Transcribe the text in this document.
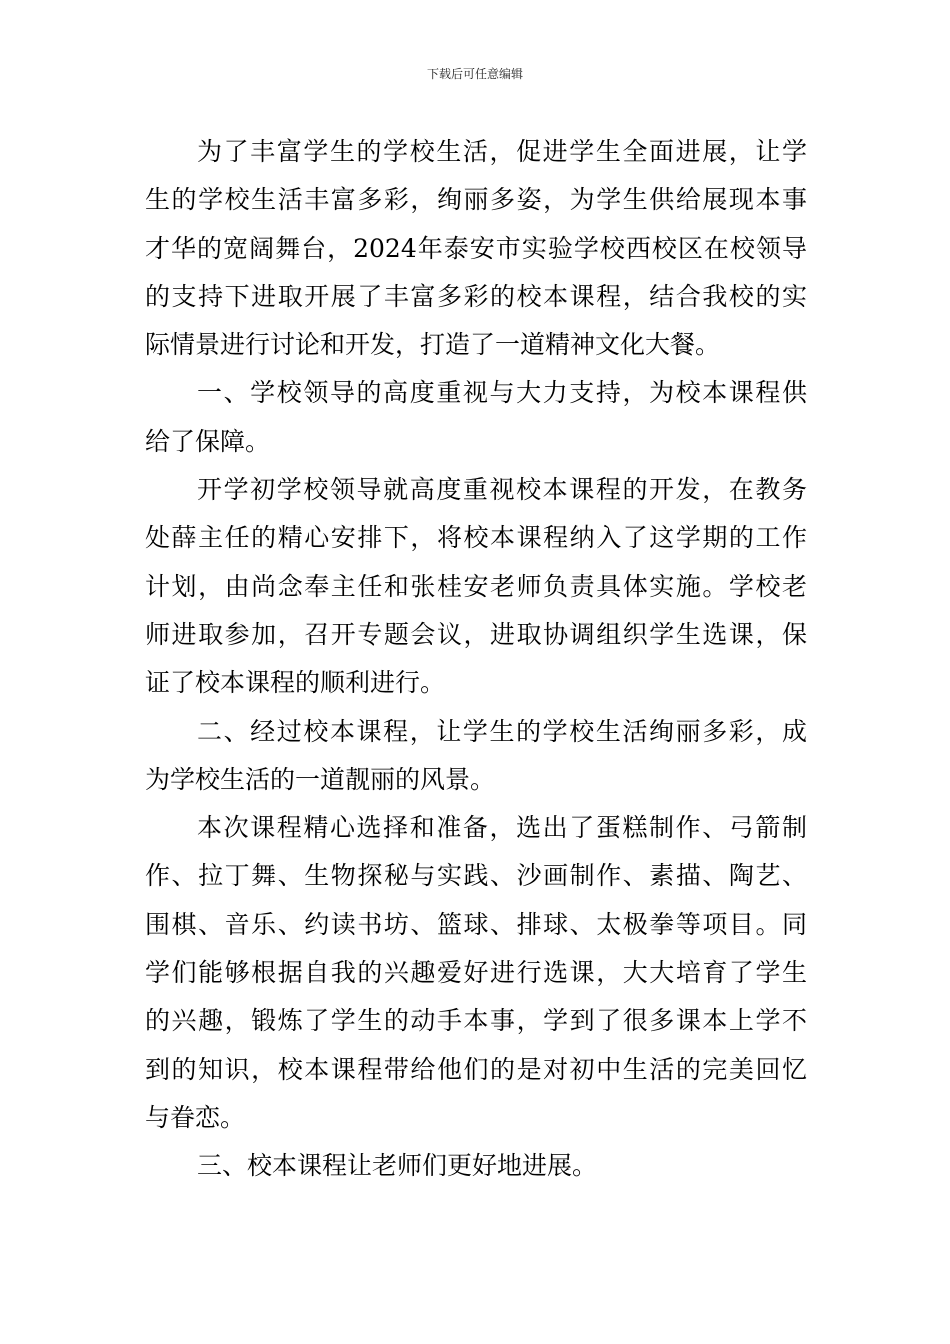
下载后可任意编辑
为了丰富学生的学校生活，促进学生全面进展，让学
生的学校生活丰富多彩，绚丽多姿，为学生供给展现本事
才华的宽阔舞台，2024年泰安市实验学校西校区在校领导
的支持下进取开展了丰富多彩的校本课程，结合我校的实
际情景进行讨论和开发，打造了一道精神文化大餐。
一、学校领导的高度重视与大力支持，为校本课程供
给了保障。
开学初学校领导就高度重视校本课程的开发，在教务
处薛主任的精心安排下，将校本课程纳入了这学期的工作
计划，由尚念奉主任和张桂安老师负责具体实施。学校老
师进取参加，召开专题会议，进取协调组织学生选课，保
证了校本课程的顺利进行。
二、经过校本课程，让学生的学校生活绚丽多彩，成
为学校生活的一道靓丽的风景。
本次课程精心选择和准备，选出了蛋糕制作、弓箭制
作、拉丁舞、生物探秘与实践、沙画制作、素描、陶艺、
围棋、音乐、约读书坊、篮球、排球、太极拳等项目。同
学们能够根据自我的兴趣爱好进行选课，大大培育了学生
的兴趣，锻炼了学生的动手本事，学到了很多课本上学不
到的知识，校本课程带给他们的是对初中生活的完美回忆
与眷恋。
三、校本课程让老师们更好地进展。
